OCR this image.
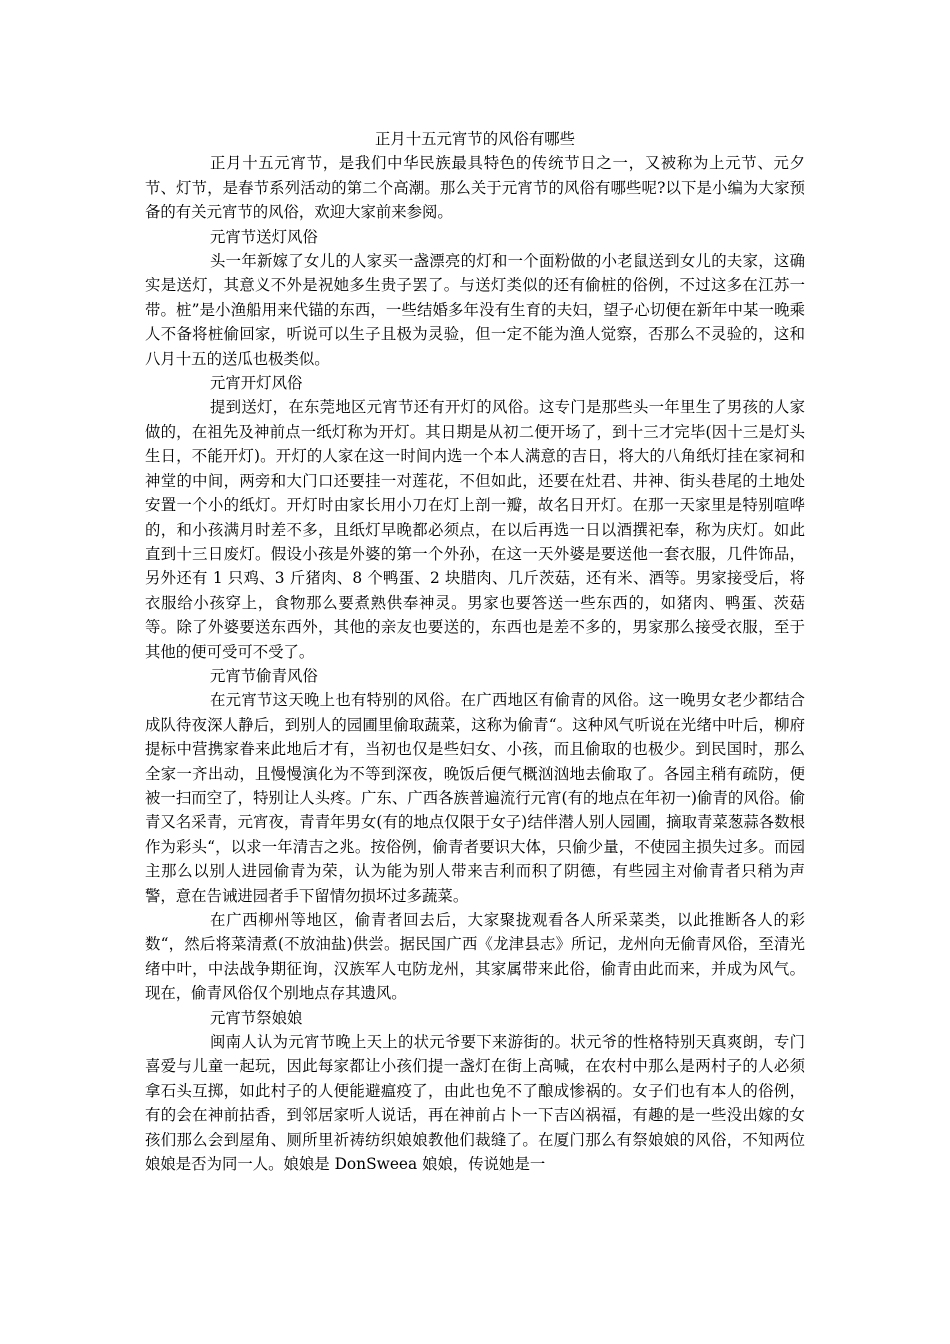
正月十五元宵节的风俗有哪些

正月十五元宵节，是我们中华民族最具特色的传统节日之一，又被称为上元节、元夕节、灯节，是春节系列活动的第二个高潮。那么关于元宵节的风俗有哪些呢?以下是小编为大家预备的有关元宵节的风俗，欢迎大家前来参阅。

元宵节送灯风俗

头一年新嫁了女儿的人家买一盏漂亮的灯和一个面粉做的小老鼠送到女儿的夫家，这确实是送灯，其意义不外是祝她多生贵子罢了。与送灯类似的还有偷桩的俗例，不过这多在江苏一带。桩”是小渔船用来代锚的东西，一些结婚多年没有生育的夫妇，望子心切便在新年中某一晚乘人不备将桩偷回家，听说可以生子且极为灵验，但一定不能为渔人觉察，否那么不灵验的，这和八月十五的送瓜也极类似。

元宵开灯风俗

提到送灯，在东莞地区元宵节还有开灯的风俗。这专门是那些头一年里生了男孩的人家做的，在祖先及神前点一纸灯称为开灯。其日期是从初二便开场了，到十三才完毕(因十三是灯头生日，不能开灯)。开灯的人家在这一时间内选一个本人满意的吉日，将大的八角纸灯挂在家祠和神堂的中间，两旁和大门口还要挂一对莲花，不但如此，还要在灶君、井神、街头巷尾的土地处安置一个小的纸灯。开灯时由家长用小刀在灯上剖一瓣，故名日开灯。在那一天家里是特别喧哗的，和小孩满月时差不多，且纸灯早晚都必须点，在以后再选一日以酒撰祀奉，称为庆灯。如此直到十三日废灯。假设小孩是外婆的第一个外孙，在这一天外婆是要送他一套衣服，几件饰品，另外还有 1 只鸡、3 斤猪肉、8 个鸭蛋、2 块腊肉、几斤茨菇，还有米、酒等。男家接受后，将衣服给小孩穿上，食物那么要煮熟供奉神灵。男家也要答送一些东西的，如猪肉、鸭蛋、茨菇等。除了外婆要送东西外，其他的亲友也要送的，东西也是差不多的，男家那么接受衣服，至于其他的便可受可不受了。

元宵节偷青风俗

在元宵节这天晚上也有特别的风俗。在广西地区有偷青的风俗。这一晚男女老少都结合成队待夜深人静后，到别人的园圃里偷取蔬菜，这称为偷青“。这种风气听说在光绪中叶后，柳府提标中营携家眷来此地后才有，当初也仅是些妇女、小孩，而且偷取的也极少。到民国时，那么全家一齐出动，且慢慢演化为不等到深夜，晚饭后便气概汹汹地去偷取了。各园主稍有疏防，便被一扫而空了，特别让人头疼。广东、广西各族普遍流行元宵(有的地点在年初一)偷青的风俗。偷青又名采青，元宵夜，青青年男女(有的地点仅限于女子)结伴潜人别人园圃，摘取青菜葱蒜各数根作为彩头“，以求一年清吉之兆。按俗例，偷青者要识大体，只偷少量，不使园主损失过多。而园主那么以别人进园偷青为荣，认为能为别人带来吉利而积了阴德，有些园主对偷青者只稍为声警，意在告诫进园者手下留情勿损坏过多蔬菜。

在广西柳州等地区，偷青者回去后，大家聚拢观看各人所采菜类，以此推断各人的彩数“，然后将菜清煮(不放油盐)供尝。据民国广西《龙津县志》所记，龙州向无偷青风俗，至清光绪中叶，中法战争期征询，汉族军人屯防龙州，其家属带来此俗，偷青由此而来，并成为风气。现在，偷青风俗仅个别地点存其遗风。

元宵节祭娘娘

闽南人认为元宵节晚上天上的状元爷要下来游街的。状元爷的性格特别天真爽朗，专门喜爱与儿童一起玩，因此每家都让小孩们提一盏灯在街上高喊，在农村中那么是两村子的人必须拿石头互掷，如此村子的人便能避瘟疫了，由此也免不了酿成惨祸的。女子们也有本人的俗例，有的会在神前拈香，到邻居家听人说话，再在神前占卜一下吉凶祸福，有趣的是一些没出嫁的女孩们那么会到屋角、厕所里祈祷纺织娘娘教他们裁缝了。在厦门那么有祭娘娘的风俗，不知两位娘娘是否为同一人。娘娘是 DonSweea 娘娘，传说她是一
